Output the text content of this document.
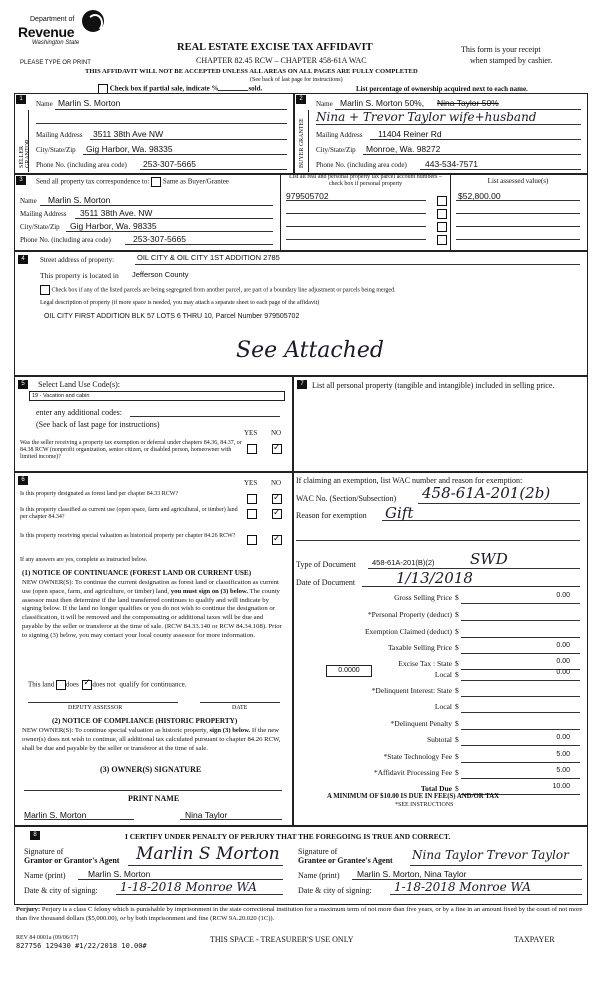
Department of
Revenue
Washington State
PLEASE TYPE OR PRINT
REAL ESTATE EXCISE TAX AFFIDAVIT
CHAPTER 82.45 RCW – CHAPTER 458-61A WAC
This form is your receipt
when stamped by cashier.
THIS AFFIDAVIT WILL NOT BE ACCEPTED UNLESS ALL AREAS ON ALL PAGES ARE FULLY COMPLETED
(See back of last page for instructions)
Check box if partial sale, indicate %	sold.	List percentage of ownership acquired next to each name.
1
SELLER
Name Marlin S. Morton
Mailing Address 3511 38th Ave NW
City/State/Zip Gig Harbor, Wa. 98335
Phone No. (including area code) 253-307-5665
2
BUYER GRANTEE
Name Marlin S. Morton 50%, Nina Taylor 50%
Nina + Trevor Taylor wife+husband
Mailing Address 11404 Reiner Rd
City/State/Zip Monroe, Wa. 98272
Phone No. (including area code) 443-534-7571
3	Send all property tax correspondence to: Same as Buyer/Grantee
Name Marlin S. Morton
Mailing Address 3511 38th Ave. NW
City/State/Zip Gig Harbor, Wa. 98335
Phone No. (including area code)	253-307-5665
List all real and personal property tax parcel account numbers – check box if personal property	List assessed value(s)
979505702	$52,800.00
4	Street address of property:	OIL CITY & OIL CITY 1ST ADDITION 2785
This property is located in Jefferson County
Check box if any of the listed parcels are being segregated from another parcel, are part of a boundary line adjustment or parcels being merged.
Legal description of property (if more space is needed, you may attach a separate sheet to each page of the affidavit)
OIL CITY FIRST ADDITION BLK 57 LOTS 6 THRU 10, Parcel Number 979505702
See Attached
5	Select Land Use Code(s):
19 - Vacation and cabin
enter any additional codes:
(See back of last page for instructions)
YES NO
Was the seller receiving a property tax exemption or deferral under chapters 84.36, 84.37, or 84.38 RCW (nonprofit organization, senior citizen, or disabled person, homeowner with limited income)?
✓
7	List all personal property (tangible and intangible) included in selling price.
6	YES NO
Is this property designated as forest land per chapter 84.33 RCW?
✓
Is this property classified as current use (open space, farm and agricultural, or timber) land per chapter 84.34?
✓
Is this property receiving special valuation as historical property per chapter 84.26 RCW?
✓
If any answers are yes, complete as instructed below.
(1) NOTICE OF CONTINUANCE (FOREST LAND OR CURRENT USE)
NEW OWNER(S): To continue the current designation as forest land or classification as current use (open space, farm, and agriculture, or timber) land, you must sign on (3) below. The county assessor must then determine if the land transferred continues to qualify and will indicate by signing below. If the land no longer qualifies or you do not wish to continue the designation or classification, it will be removed and the compensating or additional taxes will be due and payable by the seller or transferor at the time of sale. (RCW 84.33.140 or RCW 84.34.108). Prior to signing (3) below, you may contact your local county assessor for more information.
This land does  ✓ does not qualify for continuance.
DEPUTY ASSESSOR	DATE
(2) NOTICE OF COMPLIANCE (HISTORIC PROPERTY)
NEW OWNER(S): To continue special valuation as historic property, sign (3) below. If the new owner(s) does not wish to continue, all additional tax calculated pursuant to chapter 84.26 RCW, shall be due and payable by the seller or transferor at the time of sale.
(3) OWNER(S) SIGNATURE
PRINT NAME
Marlin S. Morton	Nina Taylor
If claiming an exemption, list WAC number and reason for exemption:
WAC No. (Section/Subsection) 458-61A-201(2b)
Reason for exemption Gift
Type of Document 458-61A-201(B)(2) SWD
Date of Document	1/13/2018
Gross Selling Price $	0.00
*Personal Property (deduct) $
Exemption Claimed (deduct) $
Taxable Selling Price $	0.00
Excise Tax : State $	0.00
Local $	0.00
*Delinquent Interest: State $
Local $
*Delinquent Penalty $
Subtotal $	0.00
*State Technology Fee $	5.00
*Affidavit Processing Fee $	5.00
Total Due $	10.00
0.0000
A MINIMUM OF $10.00 IS DUE IN FEE(S) AND/OR TAX
*SEE INSTRUCTIONS
8	I CERTIFY UNDER PENALTY OF PERJURY THAT THE FOREGOING IS TRUE AND CORRECT.
Signature of
Grantor or Grantor's Agent Marlin S Morton
Name (print)	Marlin S. Morton
Date & city of signing: 1-18-2018 Monroe WA
Signature of
Grantee or Grantee's Agent Nina Taylor Trevor Taylor
Name (print) Marlin S. Morton, Nina Taylor
Date & city of signing: 1-18-2018 Monroe WA
Perjury: Perjury is a class C felony which is punishable by imprisonment in the state correctional institution for a maximum term of not more than five years, or by a fine in an amount fixed by the court of not more than five thousand dollars ($5,000.00), or by both imprisonment and fine (RCW 9A.20.020 (1C)).
REV 84 0001a (09/06/17)
827756 129430 #1/22/2018 10.00#
THIS SPACE - TREASURER'S USE ONLY	TAXPAYER
